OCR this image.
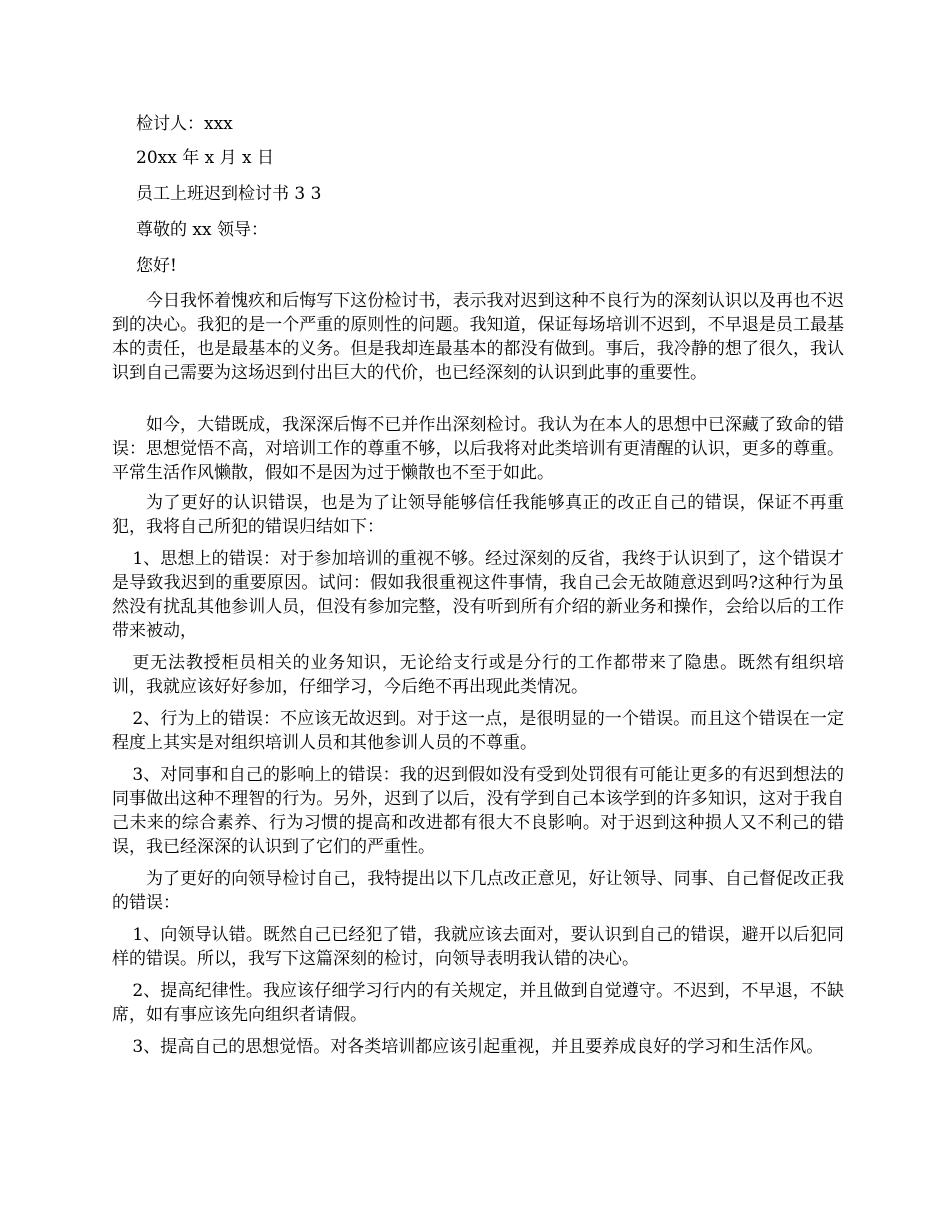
检讨人：xxx
20xx 年 x 月 x 日
员工上班迟到检讨书 3 3
尊敬的 xx 领导：
您好!
今日我怀着愧疚和后悔写下这份检讨书，表示我对迟到这种不良行为的深刻认识以及再也不迟到的决心。我犯的是一个严重的原则性的问题。我知道，保证每场培训不迟到，不早退是员工最基本的责任，也是最基本的义务。但是我却连最基本的都没有做到。事后，我冷静的想了很久，我认识到自己需要为这场迟到付出巨大的代价，也已经深刻的认识到此事的重要性。
如今，大错既成，我深深后悔不已并作出深刻检讨。我认为在本人的思想中已深藏了致命的错误：思想觉悟不高，对培训工作的尊重不够，以后我将对此类培训有更清醒的认识，更多的尊重。平常生活作风懒散，假如不是因为过于懒散也不至于如此。
为了更好的认识错误，也是为了让领导能够信任我能够真正的改正自己的错误，保证不再重犯，我将自己所犯的错误归结如下：
1、思想上的错误：对于参加培训的重视不够。经过深刻的反省，我终于认识到了，这个错误才是导致我迟到的重要原因。试问：假如我很重视这件事情，我自己会无故随意迟到吗?这种行为虽然没有扰乱其他参训人员，但没有参加完整，没有听到所有介绍的新业务和操作，会给以后的工作带来被动，
更无法教授柜员相关的业务知识，无论给支行或是分行的工作都带来了隐患。既然有组织培训，我就应该好好参加，仔细学习，今后绝不再出现此类情况。
2、行为上的错误：不应该无故迟到。对于这一点，是很明显的一个错误。而且这个错误在一定程度上其实是对组织培训人员和其他参训人员的不尊重。
3、对同事和自己的影响上的错误：我的迟到假如没有受到处罚很有可能让更多的有迟到想法的同事做出这种不理智的行为。另外，迟到了以后，没有学到自己本该学到的许多知识，这对于我自己未来的综合素养、行为习惯的提高和改进都有很大不良影响。对于迟到这种损人又不利己的错误，我已经深深的认识到了它们的严重性。
为了更好的向领导检讨自己，我特提出以下几点改正意见，好让领导、同事、自己督促改正我的错误：
1、向领导认错。既然自己已经犯了错，我就应该去面对，要认识到自己的错误，避开以后犯同样的错误。所以，我写下这篇深刻的检讨，向领导表明我认错的决心。
2、提高纪律性。我应该仔细学习行内的有关规定，并且做到自觉遵守。不迟到，不早退，不缺席，如有事应该先向组织者请假。
3、提高自己的思想觉悟。对各类培训都应该引起重视，并且要养成良好的学习和生活作风。
